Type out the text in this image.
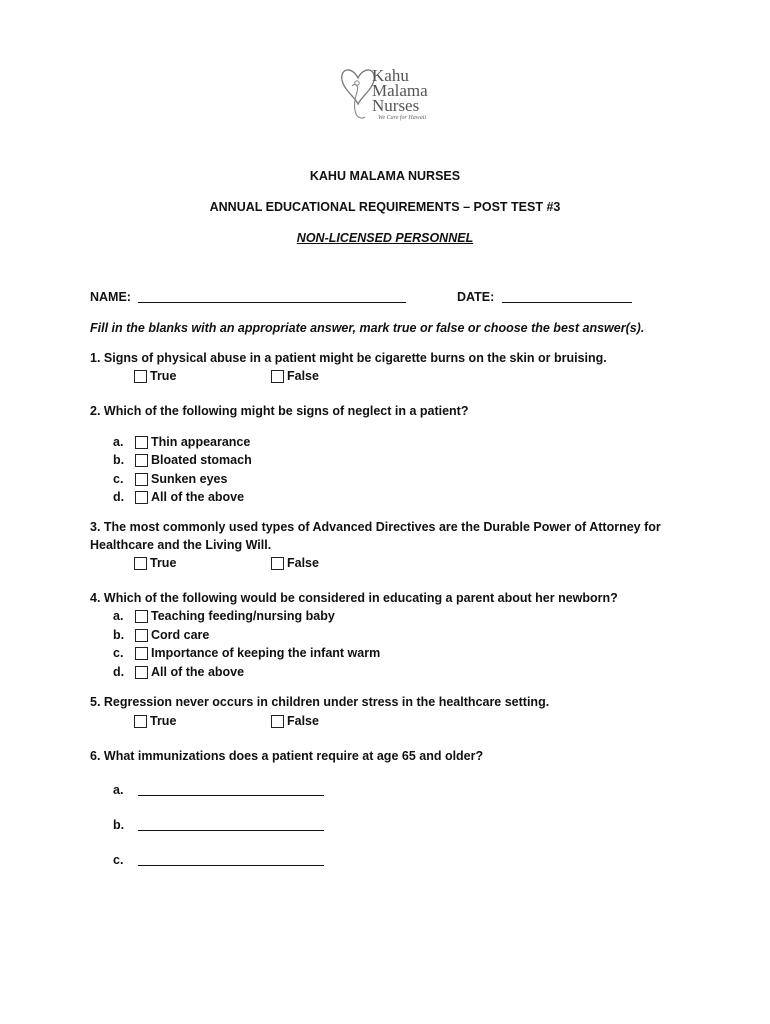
Kahu
Malama
Nurses
We Care for Hawaii
KAHU MALAMA NURSES
ANNUAL EDUCATIONAL REQUIREMENTS – POST TEST #3
NON-LICENSED PERSONNEL
NAME:	DATE:
Fill in the blanks with an appropriate answer, mark true or false or choose the best answer(s).
1. Signs of physical abuse in a patient might be cigarette burns on the skin or bruising.
True	False
2. Which of the following might be signs of neglect in a patient?
a.	Thin appearance
b.	Bloated stomach
c.	Sunken eyes
d.	All of the above
3. The most commonly used types of Advanced Directives are the Durable Power of Attorney for
Healthcare and the Living Will.
True	False
4. Which of the following would be considered in educating a parent about her newborn?
a.	Teaching feeding/nursing baby
b.	Cord care
c.	Importance of keeping the infant warm
d.	All of the above
5. Regression never occurs in children under stress in the healthcare setting.
True	False
6. What immunizations does a patient require at age 65 and older?
a.
b.
c.
